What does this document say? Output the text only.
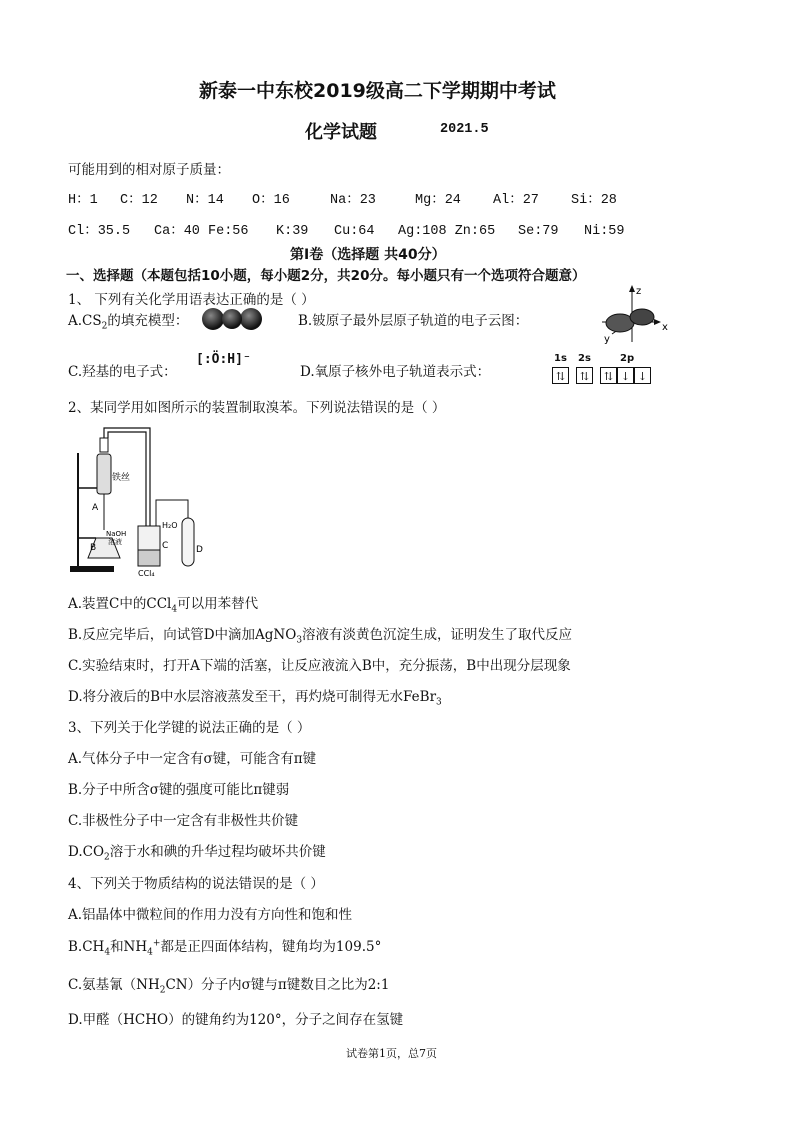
新泰一中东校2019级高二下学期期中考试
化学试题	2021.5
可能用到的相对原子质量：
H：1 C：12 N：14 O：16	Na：23	Mg：24 Al：27 Si：28
Cl：35.5 Ca：40 Fe:56 K:39 Cu:64 Ag:108 Zn:65 Se:79 Ni:59
第Ⅰ卷（选择题 共40分）
一、选择题（本题包括10小题，每小题2分，共20分。每小题只有一个选项符合题意）
1、 下列有关化学用语表达正确的是（ ）
$A.CS_2$的填充模型：	B.铍原子最外层原子轨道的电子云图：
z
x
y
C.羟基的电子式：
[:Ö:H]⁻
D.氧原子核外电子轨道表示式：
1s 2s	2p
⇅	⇅	⇅ ↓ ↓
2、某同学用如图所示的装置制取溴苯。下列说法错误的是（ ）
A
B	C	D
铁丝
NaOH
溶液
H₂O
CCl₄
A.装置C中的CCl$_4$可以用苯替代
B.反应完毕后，向试管D中滴加AgNO$_3$溶液有淡黄色沉淀生成，证明发生了取代反应
C.实验结束时，打开A下端的活塞，让反应液流入B中，充分振荡，B中出现分层现象
D.将分液后的B中水层溶液蒸发至干，再灼烧可制得无水FeBr$_3$
3、下列关于化学键的说法正确的是（ ）
A.气体分子中一定含有σ键，可能含有π键
B.分子中所含σ键的强度可能比π键弱
C.非极性分子中一定含有非极性共价键
$D.CO_2$溶于水和碘的升华过程均破坏共价键
4、下列关于物质结构的说法错误的是（ ）
A.铝晶体中微粒间的作用力没有方向性和饱和性
$B.CH_4$和$NH_4^+$都是正四面体结构，键角均为109.5°
C.氨基氰$(NH_2CN)$分子内σ键与π键数目之比为2:1
D.甲醛（HCHO）的键角约为120°，分子之间存在氢键
试卷第1页，总7页
